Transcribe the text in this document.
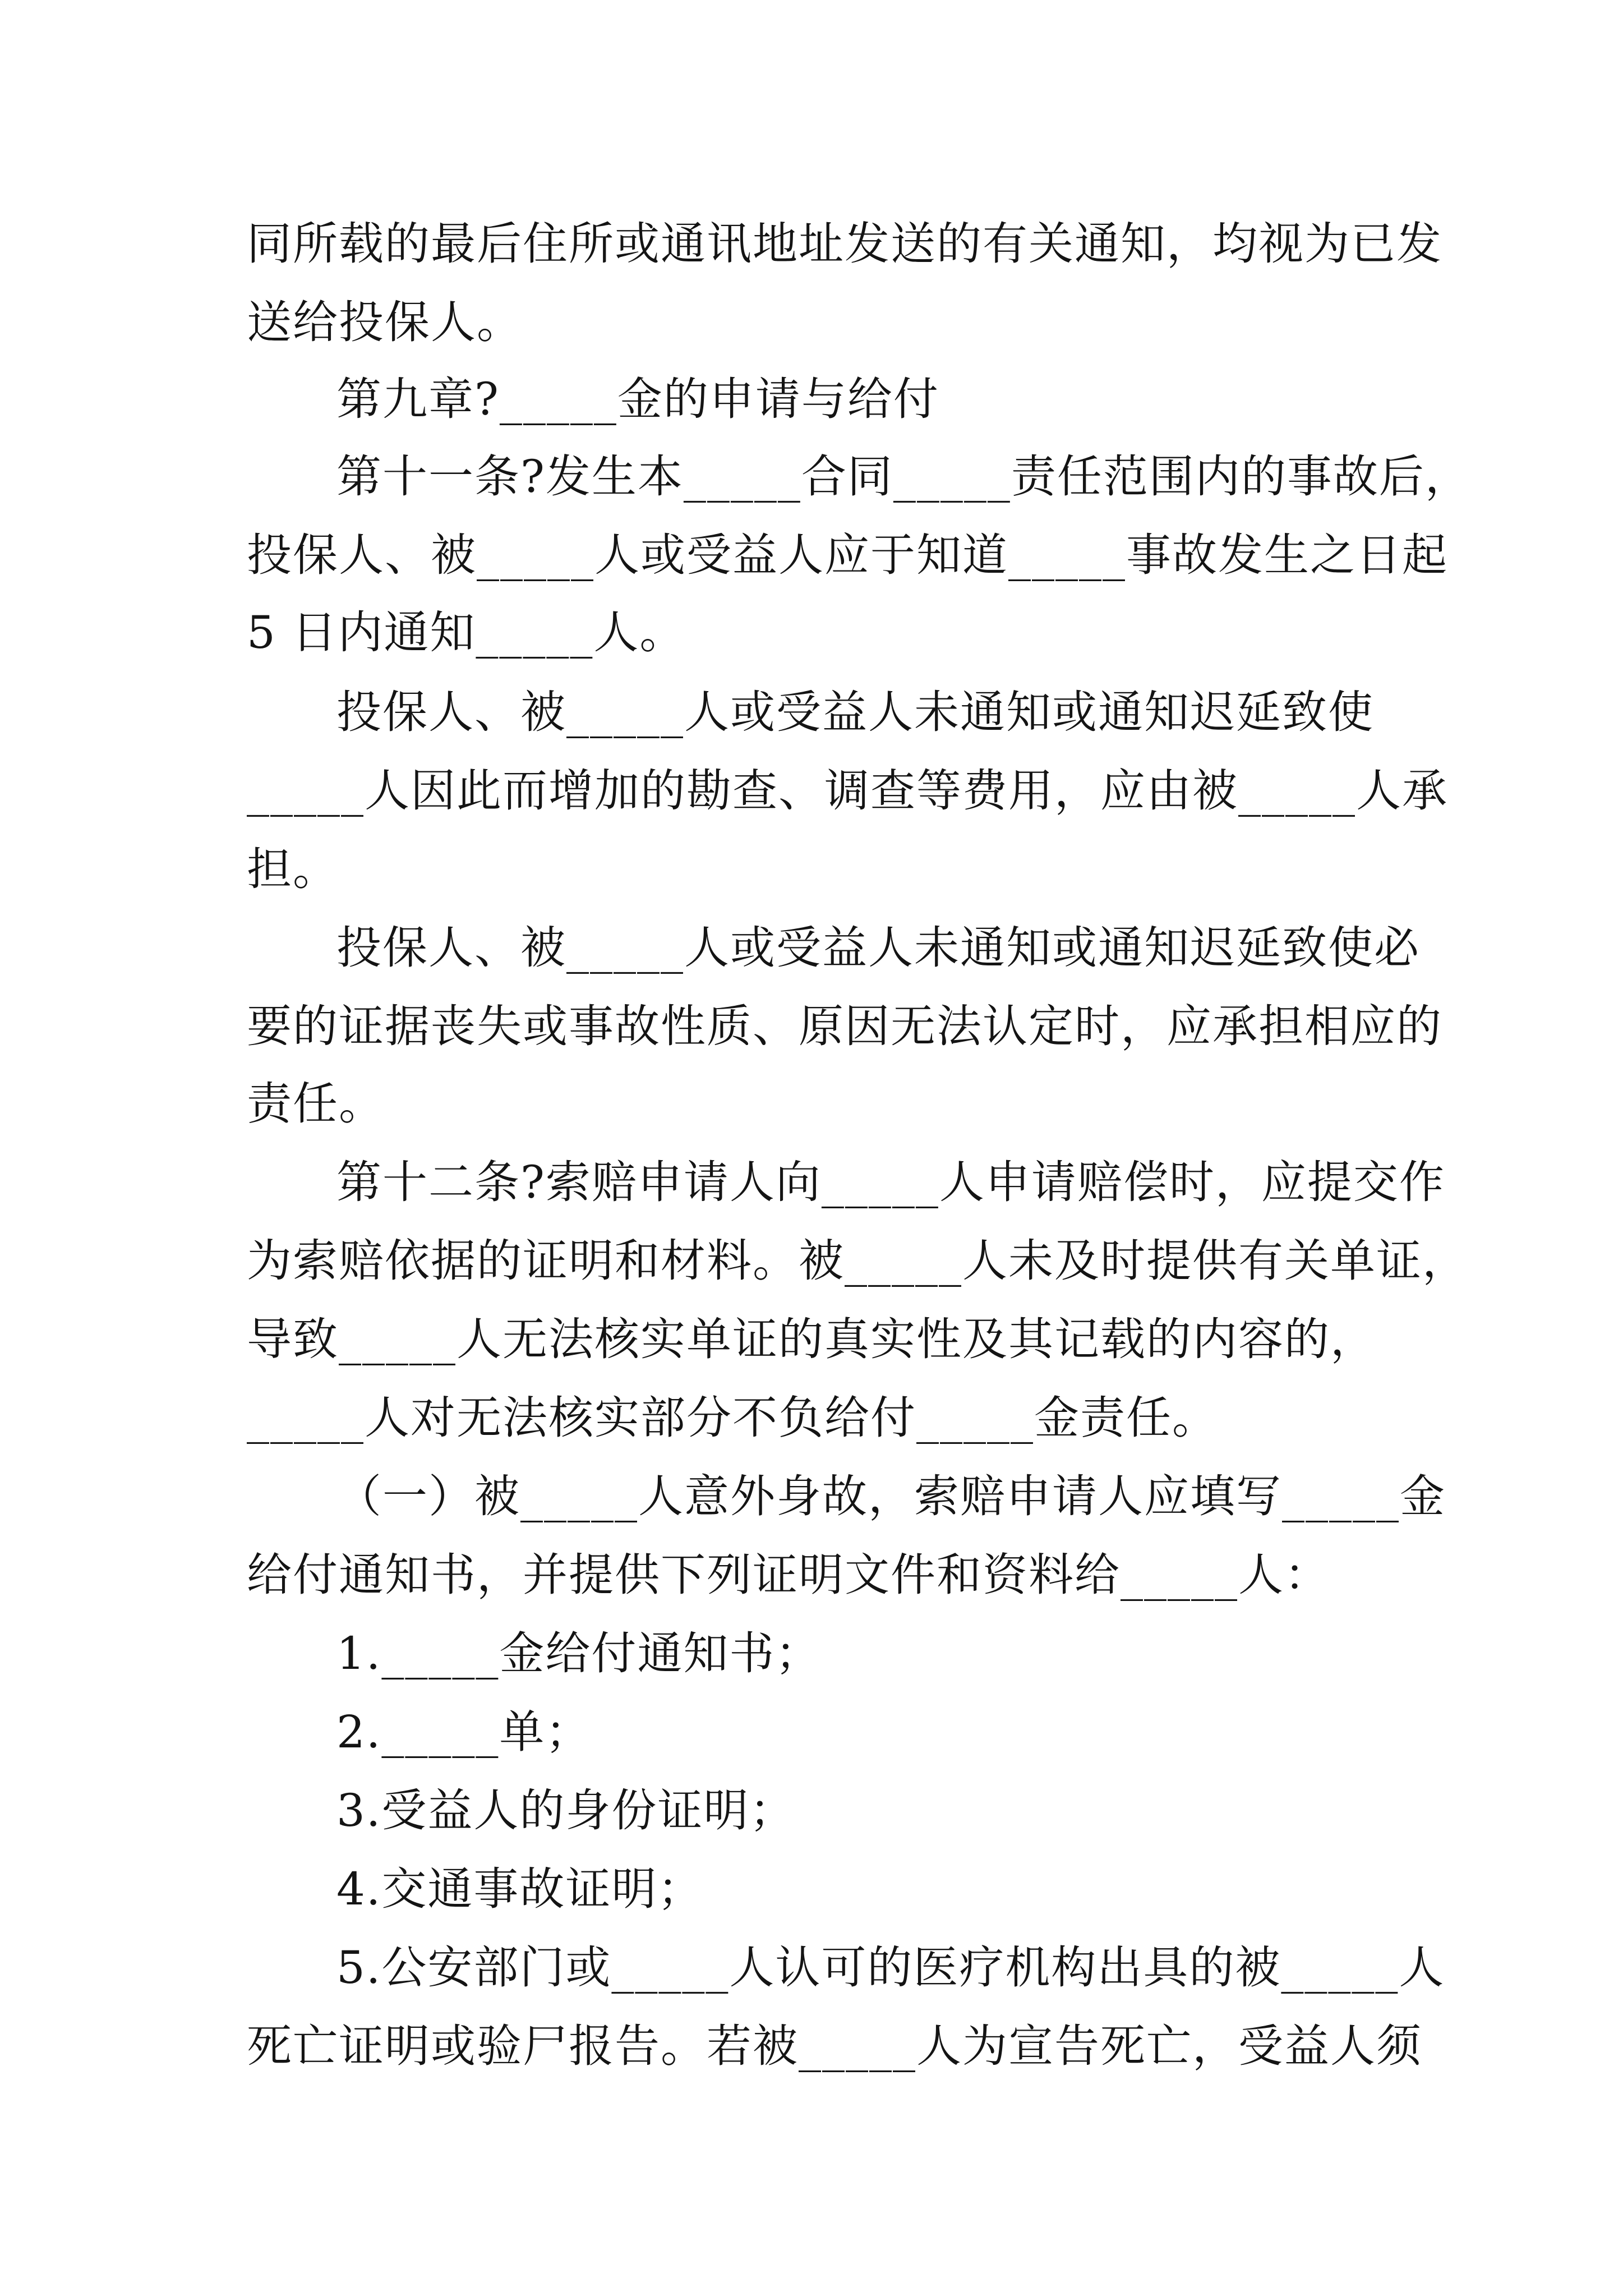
同所载的最后住所或通讯地址发送的有关通知，均视为已发

送给投保人。

第九章?_____金的申请与给付

第十一条?发生本_____合同_____责任范围内的事故后，

投保人、被_____人或受益人应于知道_____事故发生之日起

5 日内通知_____人。

投保人、被_____人或受益人未通知或通知迟延致使

_____人因此而增加的勘查、调查等费用，应由被_____人承

担。

投保人、被_____人或受益人未通知或通知迟延致使必

要的证据丧失或事故性质、原因无法认定时，应承担相应的

责任。

第十二条?索赔申请人向_____人申请赔偿时，应提交作

为索赔依据的证明和材料。被_____人未及时提供有关单证，

导致_____人无法核实单证的真实性及其记载的内容的，

_____人对无法核实部分不负给付_____金责任。

（一）被_____人意外身故，索赔申请人应填写_____金

给付通知书，并提供下列证明文件和资料给_____人：

1._____金给付通知书；

2._____单；

3.受益人的身份证明；

4.交通事故证明；

5.公安部门或_____人认可的医疗机构出具的被_____人

死亡证明或验尸报告。若被_____人为宣告死亡，受益人须
